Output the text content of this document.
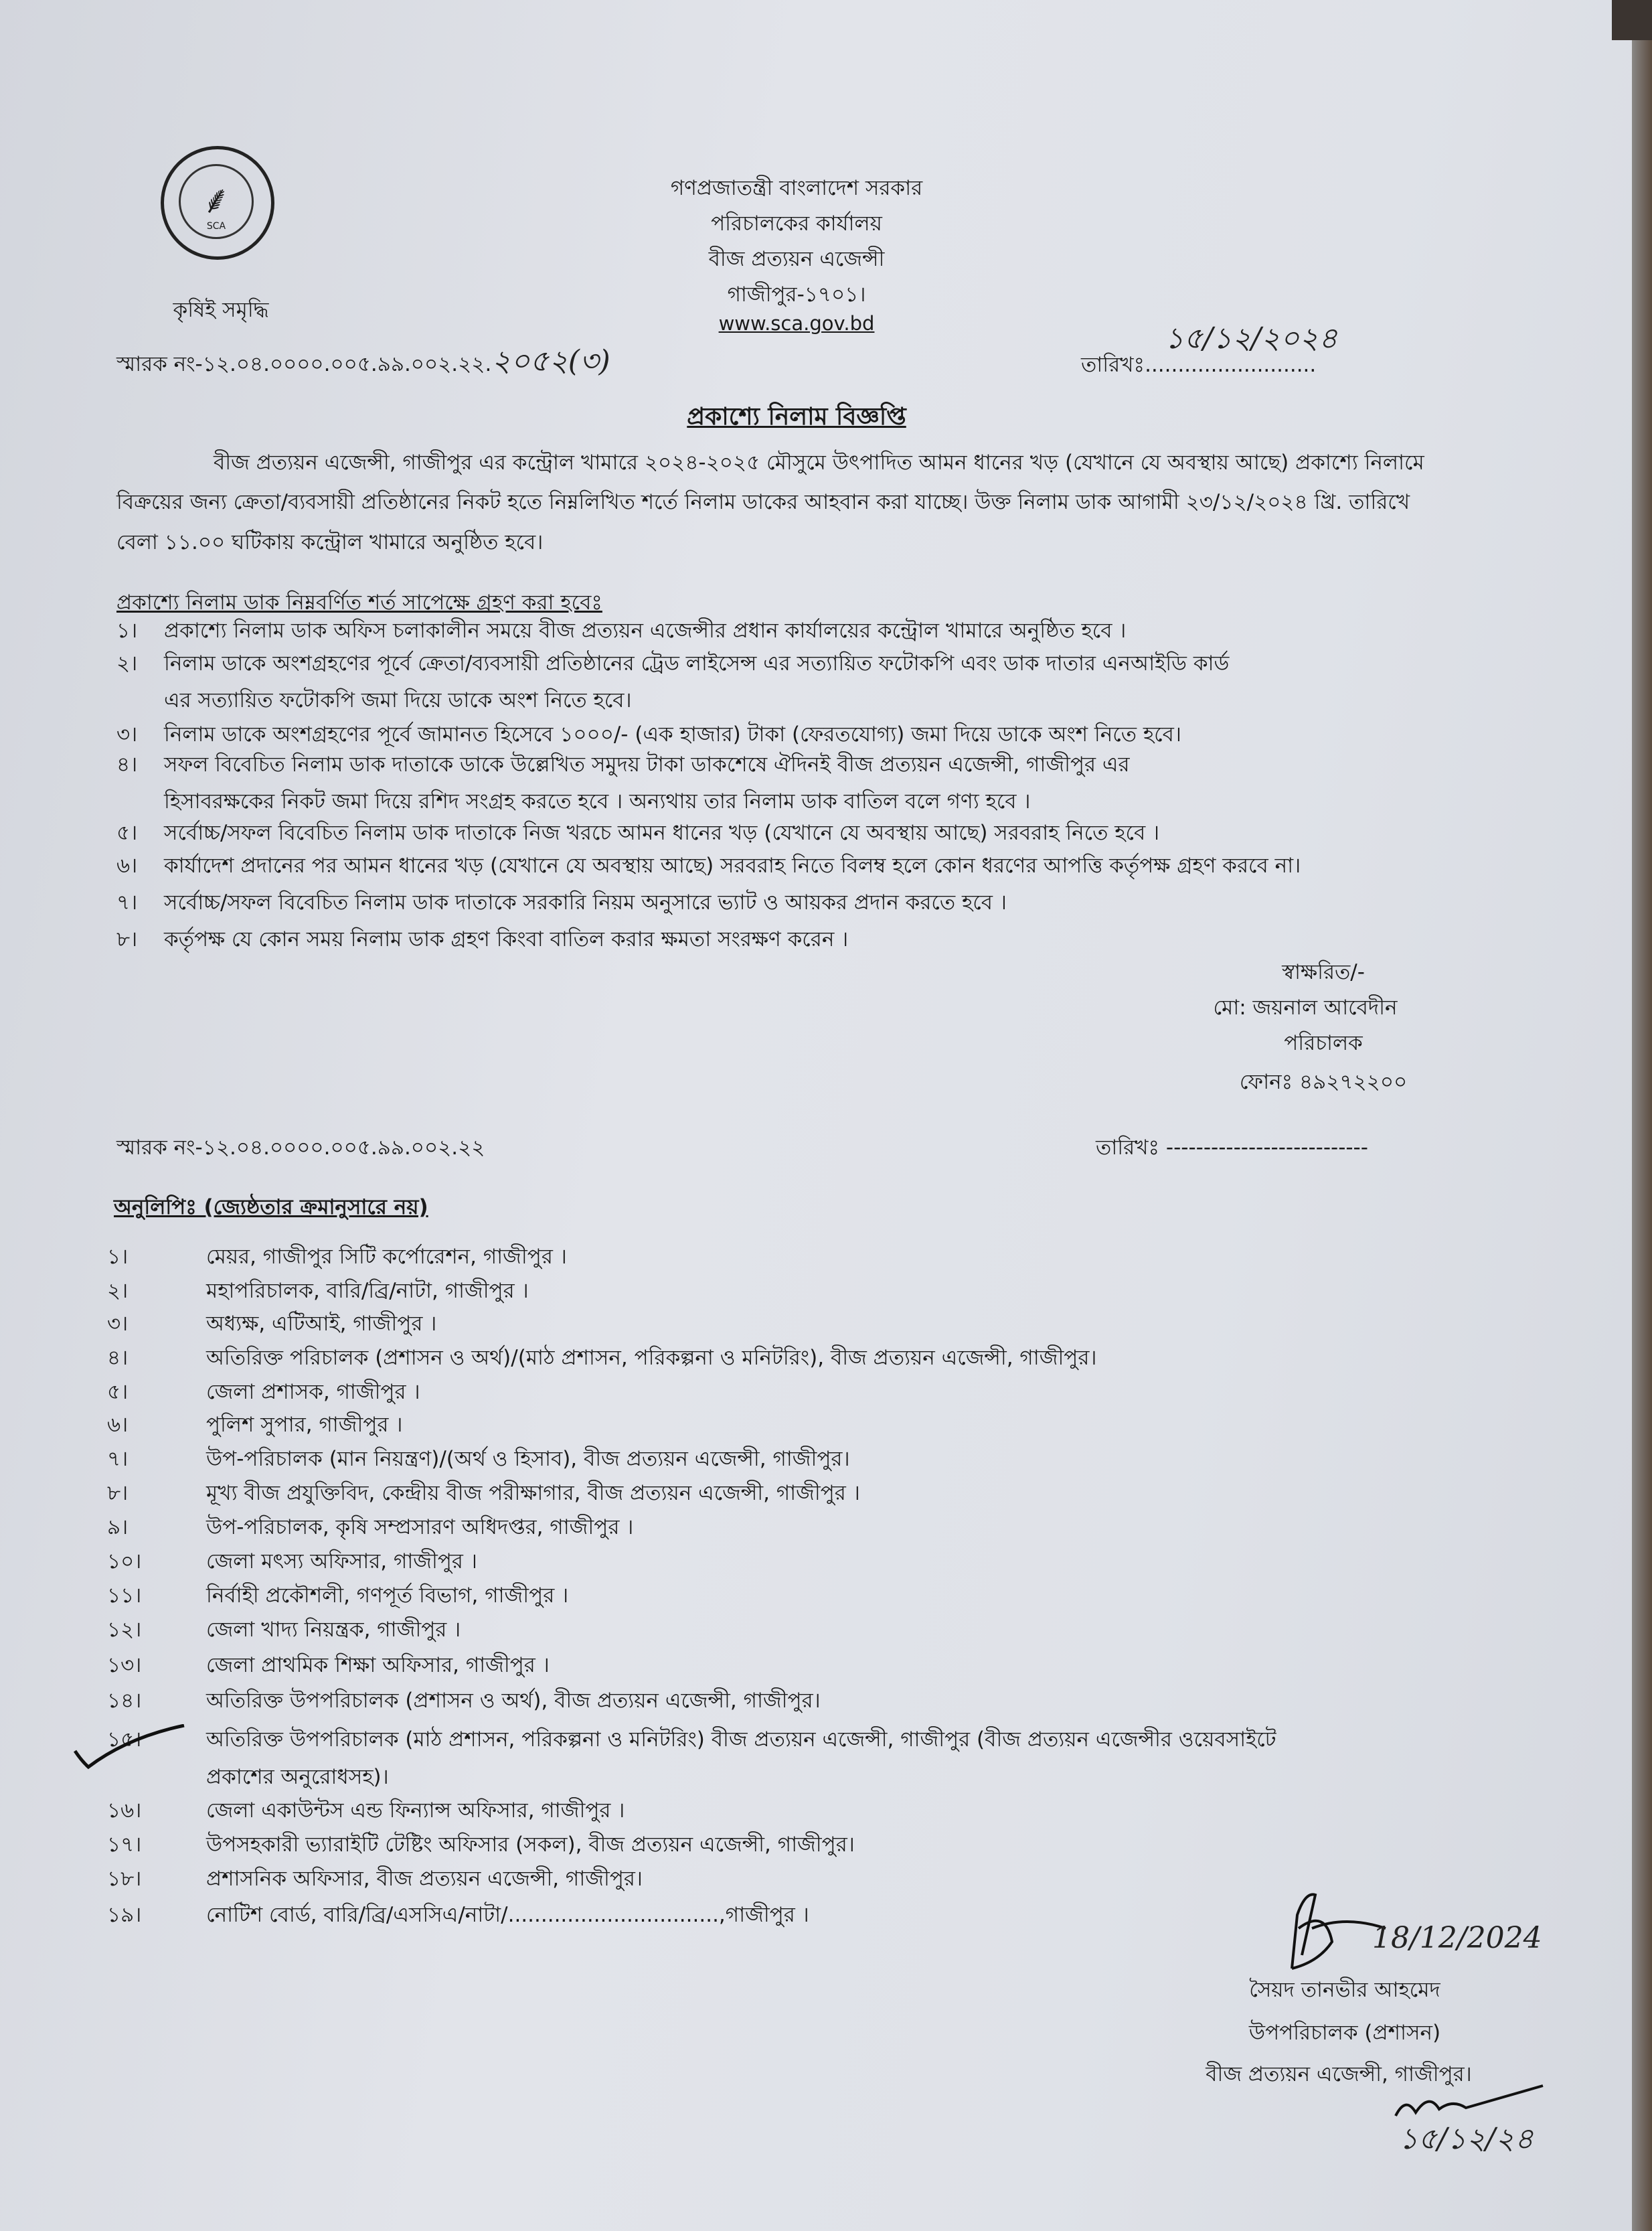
⸙
SCA
কৃষিই সমৃদ্ধি
গণপ্রজাতন্ত্রী বাংলাদেশ সরকার
পরিচালকের কার্যালয়
বীজ প্রত্যয়ন এজেন্সী
গাজীপুর-১৭০১।
www.sca.gov.bd
স্মারক নং-১২.০৪.০০০০.০০৫.৯৯.০০২.২২.২০৫২(৩)	তারিখঃ..........................
১৫/১২/২০২৪
প্রকাশ্যে নিলাম বিজ্ঞপ্তি
বীজ প্রত্যয়ন এজেন্সী, গাজীপুর এর কন্ট্রোল খামারে ২০২৪-২০২৫ মৌসুমে উৎপাদিত আমন ধানের খড় (যেখানে যে অবস্থায় আছে) প্রকাশ্যে নিলামে
বিক্রয়ের জন্য ক্রেতা/ব্যবসায়ী প্রতিষ্ঠানের নিকট হতে নিম্নলিখিত শর্তে নিলাম ডাকের আহবান করা যাচ্ছে। উক্ত নিলাম ডাক আগামী ২৩/১২/২০২৪ খ্রি. তারিখে
বেলা ১১.০০ ঘটিকায় কন্ট্রোল খামারে অনুষ্ঠিত হবে।
প্রকাশ্যে নিলাম ডাক নিম্নবর্ণিত শর্ত সাপেক্ষে গ্রহণ করা হবেঃ
১। প্রকাশ্যে নিলাম ডাক অফিস চলাকালীন সময়ে বীজ প্রত্যয়ন এজেন্সীর প্রধান কার্যালয়ের কন্ট্রোল খামারে অনুষ্ঠিত হবে ।
২। নিলাম ডাকে অংশগ্রহণের পূর্বে ক্রেতা/ব্যবসায়ী প্রতিষ্ঠানের ট্রেড লাইসেন্স এর সত্যায়িত ফটোকপি এবং ডাক দাতার এনআইডি কার্ড
এর সত্যায়িত ফটোকপি জমা দিয়ে ডাকে অংশ নিতে হবে।
৩। নিলাম ডাকে অংশগ্রহণের পূর্বে জামানত হিসেবে ১০০০/- (এক হাজার) টাকা (ফেরতযোগ্য) জমা দিয়ে ডাকে অংশ নিতে হবে।
৪। সফল বিবেচিত নিলাম ডাক দাতাকে ডাকে উল্লেখিত সমুদয় টাকা ডাকশেষে ঐদিনই বীজ প্রত্যয়ন এজেন্সী, গাজীপুর এর
হিসাবরক্ষকের নিকট জমা দিয়ে রশিদ সংগ্রহ করতে হবে । অন্যথায় তার নিলাম ডাক বাতিল বলে গণ্য হবে ।
৫। সর্বোচ্চ/সফল বিবেচিত নিলাম ডাক দাতাকে নিজ খরচে আমন ধানের খড় (যেখানে যে অবস্থায় আছে) সরবরাহ নিতে হবে ।
৬। কার্যাদেশ প্রদানের পর আমন ধানের খড় (যেখানে যে অবস্থায় আছে) সরবরাহ নিতে বিলম্ব হলে কোন ধরণের আপত্তি কর্তৃপক্ষ গ্রহণ করবে না।
৭। সর্বোচ্চ/সফল বিবেচিত নিলাম ডাক দাতাকে সরকারি নিয়ম অনুসারে ভ্যাট ও আয়কর প্রদান করতে হবে ।
৮। কর্তৃপক্ষ যে কোন সময় নিলাম ডাক গ্রহণ কিংবা বাতিল করার ক্ষমতা সংরক্ষণ করেন ।
স্বাক্ষরিত/-
মো: জয়নাল আবেদীন
পরিচালক
ফোনঃ ৪৯২৭২২০০
স্মারক নং-১২.০৪.০০০০.০০৫.৯৯.০০২.২২	তারিখঃ ---------------------------
অনুলিপিঃ (জ্যেষ্ঠতার ক্রমানুসারে নয়)
১।	মেয়র, গাজীপুর সিটি কর্পোরেশন, গাজীপুর ।
২।	মহাপরিচালক, বারি/ব্রি/নাটা, গাজীপুর ।
৩।	অধ্যক্ষ, এটিআই, গাজীপুর ।
৪।	অতিরিক্ত পরিচালক (প্রশাসন ও অর্থ)/(মাঠ প্রশাসন, পরিকল্পনা ও মনিটরিং), বীজ প্রত্যয়ন এজেন্সী, গাজীপুর।
৫।	জেলা প্রশাসক, গাজীপুর ।
৬।	পুলিশ সুপার, গাজীপুর ।
৭।	উপ-পরিচালক (মান নিয়ন্ত্রণ)/(অর্থ ও হিসাব), বীজ প্রত্যয়ন এজেন্সী, গাজীপুর।
৮।	মূখ্য বীজ প্রযুক্তিবিদ, কেন্দ্রীয় বীজ পরীক্ষাগার, বীজ প্রত্যয়ন এজেন্সী, গাজীপুর ।
৯।	উপ-পরিচালক, কৃষি সম্প্রসারণ অধিদপ্তর, গাজীপুর ।
১০।	জেলা মৎস্য অফিসার, গাজীপুর ।
১১।	নির্বাহী প্রকৌশলী, গণপূর্ত বিভাগ, গাজীপুর ।
১২।	জেলা খাদ্য নিয়ন্ত্রক, গাজীপুর ।
১৩।	জেলা প্রাথমিক শিক্ষা অফিসার, গাজীপুর ।
১৪।	অতিরিক্ত উপপরিচালক (প্রশাসন ও অর্থ), বীজ প্রত্যয়ন এজেন্সী, গাজীপুর।
১৫।	অতিরিক্ত উপপরিচালক (মাঠ প্রশাসন, পরিকল্পনা ও মনিটরিং) বীজ প্রত্যয়ন এজেন্সী, গাজীপুর (বীজ প্রত্যয়ন এজেন্সীর ওয়েবসাইটে
প্রকাশের অনুরোধসহ)।
১৬।	জেলা একাউন্টস এন্ড ফিন্যান্স অফিসার, গাজীপুর ।
১৭।	উপসহকারী ভ্যারাইটি টেষ্টিং অফিসার (সকল), বীজ প্রত্যয়ন এজেন্সী, গাজীপুর।
১৮।	প্রশাসনিক অফিসার, বীজ প্রত্যয়ন এজেন্সী, গাজীপুর।
১৯।	নোটিশ বোর্ড, বারি/ব্রি/এসসিএ/নাটা/................................,গাজীপুর ।
18/12/2024
সৈয়দ তানভীর আহমেদ
উপপরিচালক (প্রশাসন)
বীজ প্রত্যয়ন এজেন্সী, গাজীপুর।
১৫/১২/২৪
